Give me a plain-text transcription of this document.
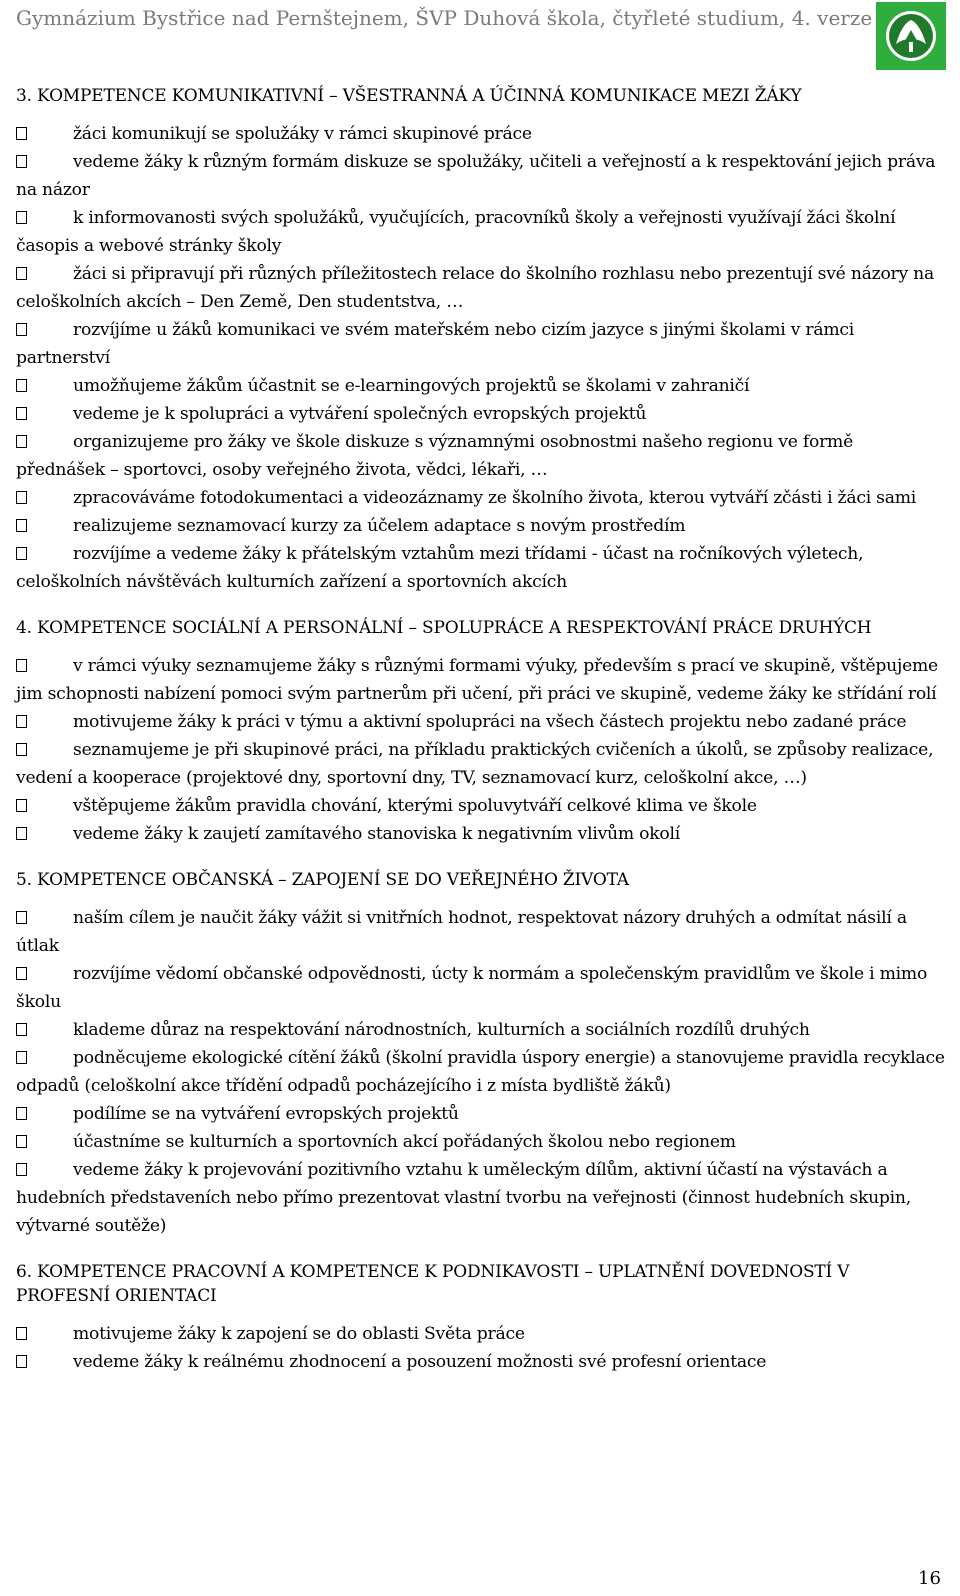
Gymnázium Bystřice nad Pernštejnem, ŠVP Duhová škola, čtyřleté studium, 4. verze
3. KOMPETENCE KOMUNIKATIVNÍ – VŠESTRANNÁ A ÚČINNÁ KOMUNIKACE MEZI ŽÁKY
žáci komunikují se spolužáky v rámci skupinové práce
vedeme žáky k různým formám diskuze se spolužáky, učiteli a veřejností a k respektování jejich práva na názor
k informovanosti svých spolužáků, vyučujících, pracovníků školy a veřejnosti využívají žáci školní časopis a webové stránky školy
žáci si připravují při různých příležitostech relace do školního rozhlasu nebo prezentují své názory na celoškolních akcích – Den Země, Den studentstva, …
rozvíjíme u žáků komunikaci ve svém mateřském nebo cizím jazyce s jinými školami v rámci partnerství
umožňujeme žákům účastnit se e-learningových projektů se školami v zahraničí
vedeme je k spolupráci a vytváření společných evropských projektů
organizujeme pro žáky ve škole diskuze s významnými osobnostmi našeho regionu ve formě přednášek – sportovci, osoby veřejného života, vědci, lékaři, …
zpracováváme fotodokumentaci a videozáznamy ze školního života, kterou vytváří zčásti i žáci sami
realizujeme seznamovací kurzy za účelem adaptace s novým prostředím
rozvíjíme a vedeme žáky k přátelským vztahům mezi třídami - účast na ročníkových výletech, celoškolních návštěvách kulturních zařízení a sportovních akcích
4. KOMPETENCE SOCIÁLNÍ A PERSONÁLNÍ – SPOLUPRÁCE A RESPEKTOVÁNÍ PRÁCE DRUHÝCH
v rámci výuky seznamujeme žáky s různými formami výuky, především s prací ve skupině, vštěpujeme jim schopnosti nabízení pomoci svým partnerům při učení, při práci ve skupině, vedeme žáky ke střídání rolí
motivujeme žáky k práci v týmu a aktivní spolupráci na všech částech projektu nebo zadané práce
seznamujeme je při skupinové práci, na příkladu praktických cvičeních a úkolů, se způsoby realizace, vedení a kooperace (projektové dny, sportovní dny, TV, seznamovací kurz, celoškolní akce, …)
vštěpujeme žákům pravidla chování, kterými spoluvytváří celkové klima ve škole
vedeme žáky k zaujetí zamítavého stanoviska k negativním vlivům okolí
5. KOMPETENCE OBČANSKÁ – ZAPOJENÍ SE DO VEŘEJNÉHO ŽIVOTA
naším cílem je naučit žáky vážit si vnitřních hodnot, respektovat názory druhých a odmítat násilí a útlak
rozvíjíme vědomí občanské odpovědnosti, úcty k normám a společenským pravidlům ve škole i mimo školu
klademe důraz na respektování národnostních, kulturních a sociálních rozdílů druhých
podněcujeme ekologické cítění žáků (školní pravidla úspory energie) a stanovujeme pravidla recyklace odpadů (celoškolní akce třídění odpadů pocházejícího i z místa bydliště žáků)
podílíme se na vytváření evropských projektů
účastníme se kulturních a sportovních akcí pořádaných školou nebo regionem
vedeme žáky k projevování pozitivního vztahu k uměleckým dílům, aktivní účastí na výstavách a hudebních představeních nebo přímo prezentovat vlastní tvorbu na veřejnosti (činnost hudebních skupin, výtvarné soutěže)
6. KOMPETENCE PRACOVNÍ A KOMPETENCE K PODNIKAVOSTI – UPLATNĚNÍ DOVEDNOSTÍ V PROFESNÍ ORIENTACI
motivujeme žáky k zapojení se do oblasti Světa práce
vedeme žáky k reálnému zhodnocení a posouzení možnosti své profesní orientace
16
